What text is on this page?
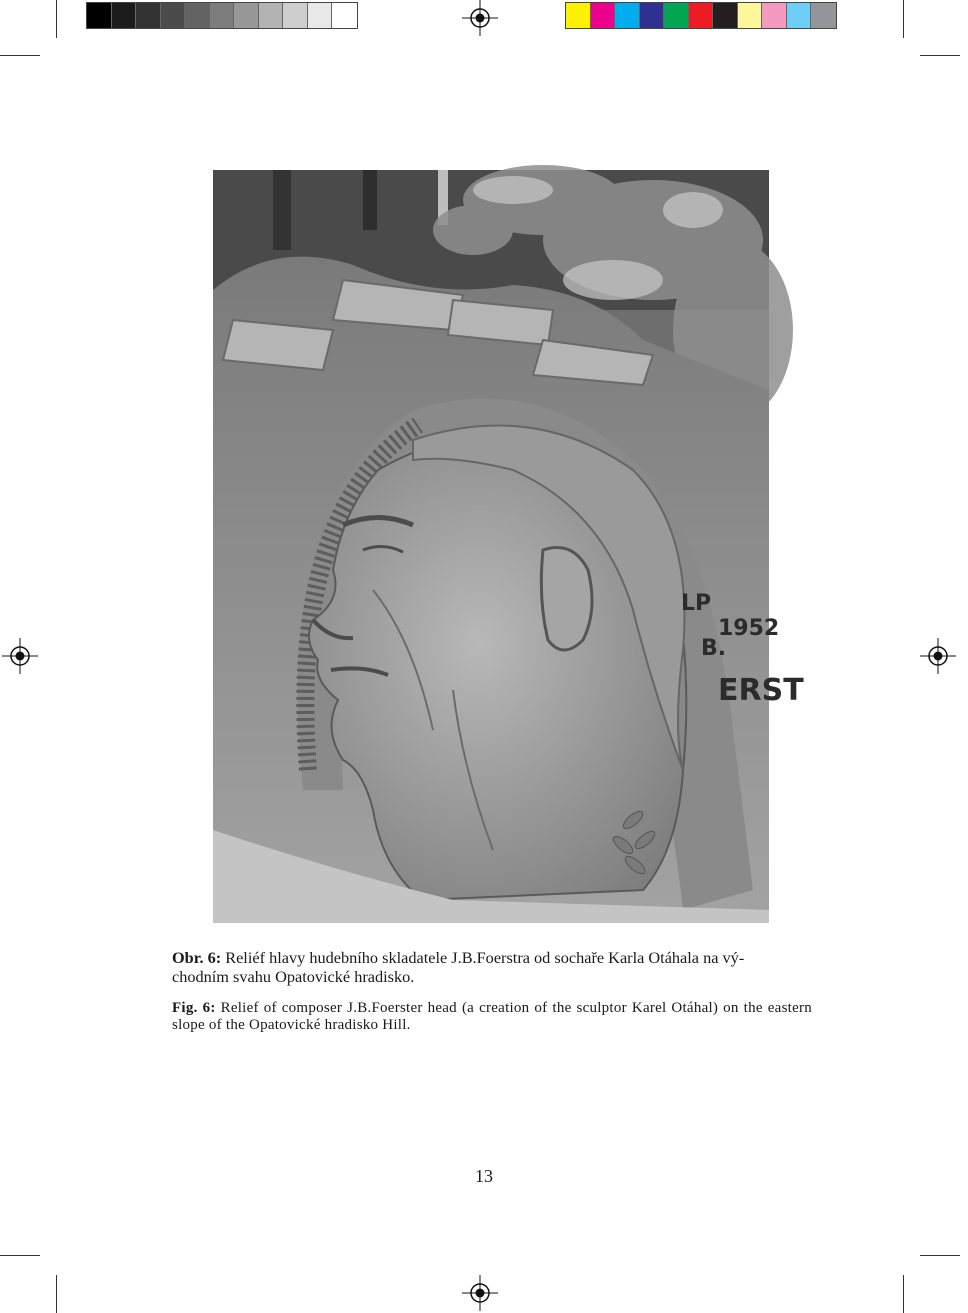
LP
1952
B.
ERST
Obr. 6: Reliéf hlavy hudebního skladatele J.B.Foerstra od sochaře Karla Otáhala na vý-
chodním svahu Opatovické hradisko.
Fig. 6: Relief of composer J.B.Foerster head (a creation of the sculptor Karel Otáhal) on the eastern slope of the Opatovické hradisko Hill.
13
